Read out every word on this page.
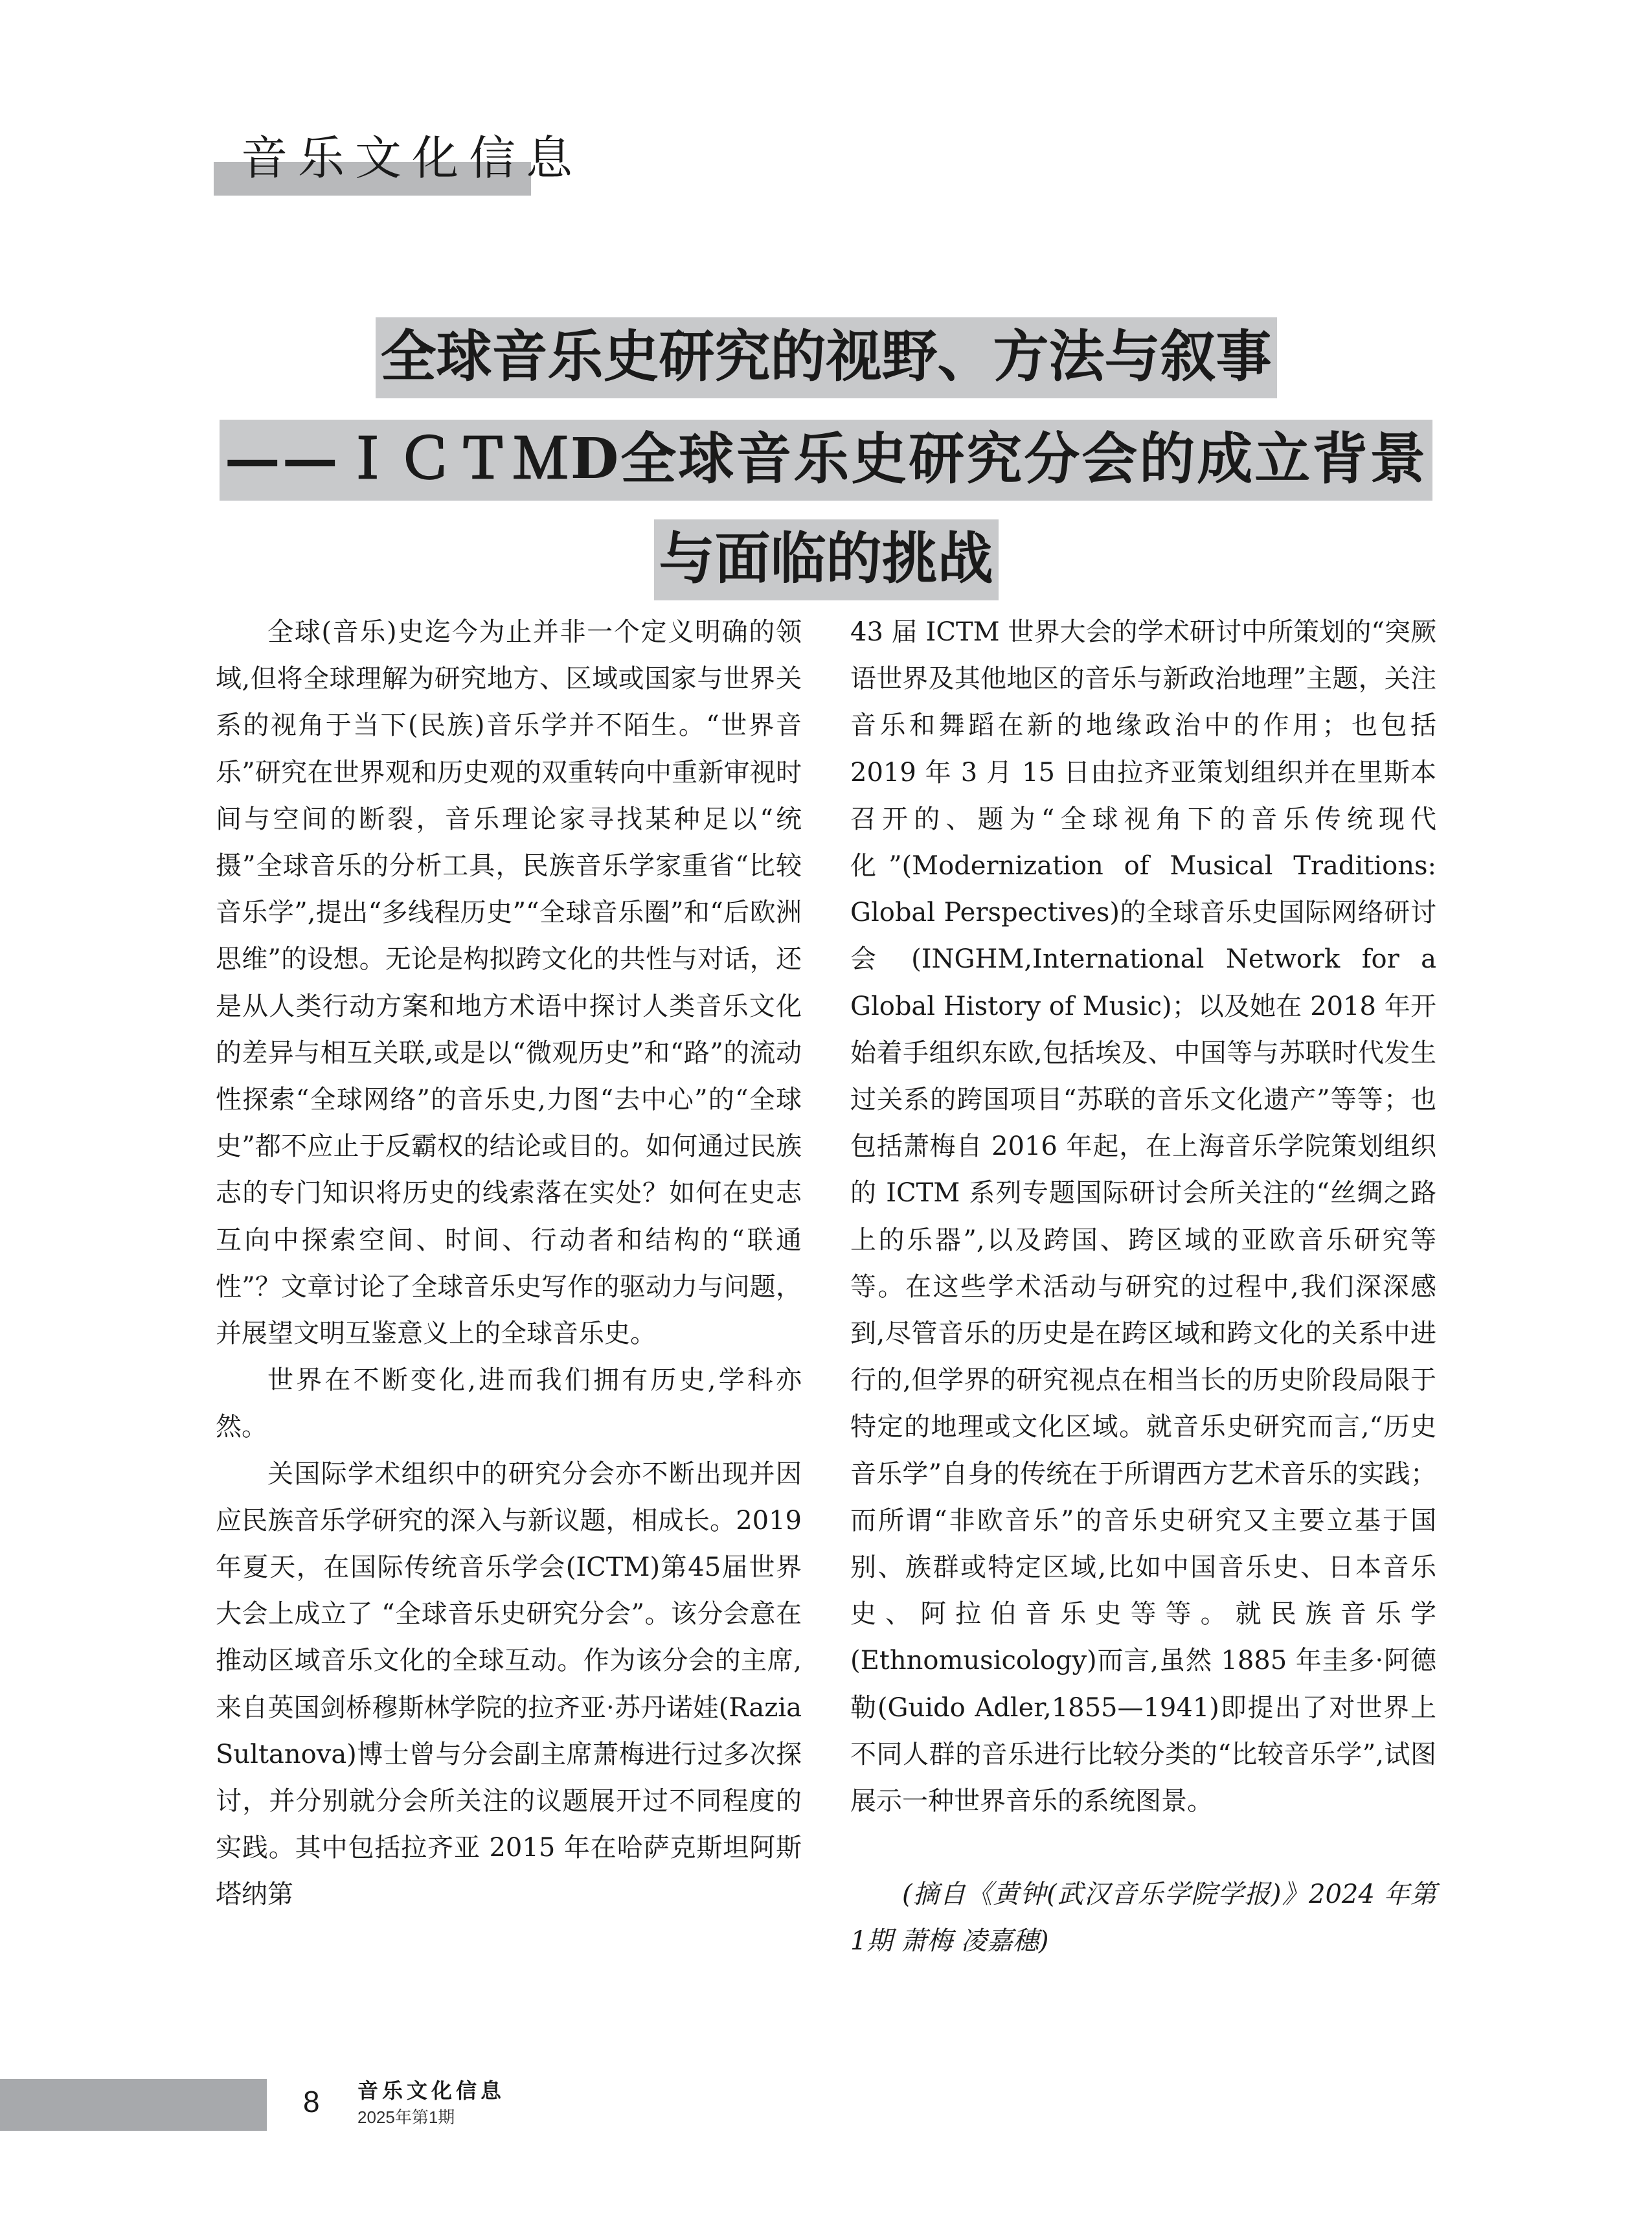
音乐文化信息
全球音乐史研究的视野、方法与叙事
——ＩＣＴＭD全球音乐史研究分会的成立背景
与面临的挑战

全球(音乐)史迄今为止并非一个定义明确的领域,但将全球理解为研究地方、区域或国家与世界关系的视角于当下(民族)音乐学并不陌生。“世界音乐”研究在世界观和历史观的双重转向中重新审视时间与空间的断裂，音乐理论家寻找某种足以“统摄”全球音乐的分析工具，民族音乐学家重省“比较音乐学”,提出“多线程历史”“全球音乐圈”和“后欧洲思维”的设想。无论是构拟跨文化的共性与对话，还是从人类行动方案和地方术语中探讨人类音乐文化的差异与相互关联,或是以“微观历史”和“路”的流动性探索“全球网络”的音乐史,力图“去中心”的“全球史”都不应止于反霸权的结论或目的。如何通过民族志的专门知识将历史的线索落在实处？如何在史志互向中探索空间、时间、行动者和结构的“联通性”？文章讨论了全球音乐史写作的驱动力与问题，并展望文明互鉴意义上的全球音乐史。

世界在不断变化,进而我们拥有历史,学科亦然。

关国际学术组织中的研究分会亦不断出现并因应民族音乐学研究的深入与新议题，相成长。2019年夏天，在国际传统音乐学会(ICTM)第45届世界大会上成立了 “全球音乐史研究分会”。该分会意在推动区域音乐文化的全球互动。作为该分会的主席,来自英国剑桥穆斯林学院的拉齐亚·苏丹诺娃(Razia Sultanova)博士曾与分会副主席萧梅进行过多次探讨，并分别就分会所关注的议题展开过不同程度的实践。其中包括拉齐亚 2015 年在哈萨克斯坦阿斯塔纳第

43 届 ICTM 世界大会的学术研讨中所策划的“突厥语世界及其他地区的音乐与新政治地理”主题，关注音乐和舞蹈在新的地缘政治中的作用；也包括 2019 年 3 月 15 日由拉齐亚策划组织并在里斯本召开的、题为“全球视角下的音乐传统现代化”(Modernization of Musical Traditions: Global Perspectives)的全球音乐史国际网络研讨会 (INGHM,International Network for a Global History of Music)；以及她在 2018 年开始着手组织东欧,包括埃及、中国等与苏联时代发生过关系的跨国项目“苏联的音乐文化遗产”等等；也包括萧梅自 2016 年起，在上海音乐学院策划组织的 ICTM 系列专题国际研讨会所关注的“丝绸之路上的乐器”,以及跨国、跨区域的亚欧音乐研究等等。在这些学术活动与研究的过程中,我们深深感到,尽管音乐的历史是在跨区域和跨文化的关系中进行的,但学界的研究视点在相当长的历史阶段局限于特定的地理或文化区域。就音乐史研究而言,“历史音乐学”自身的传统在于所谓西方艺术音乐的实践；而所谓“非欧音乐”的音乐史研究又主要立基于国别、族群或特定区域,比如中国音乐史、日本音乐史、阿拉伯音乐史等等。就民族音乐学(Ethnomusicology)而言,虽然 1885 年圭多·阿德勒(Guido Adler,1855—1941)即提出了对世界上不同人群的音乐进行比较分类的“比较音乐学”,试图展示一种世界音乐的系统图景。

(摘自《黄钟(武汉音乐学院学报)》2024 年第 1期 萧梅 凌嘉穗)

8 音乐文化信息
2025年第1期
